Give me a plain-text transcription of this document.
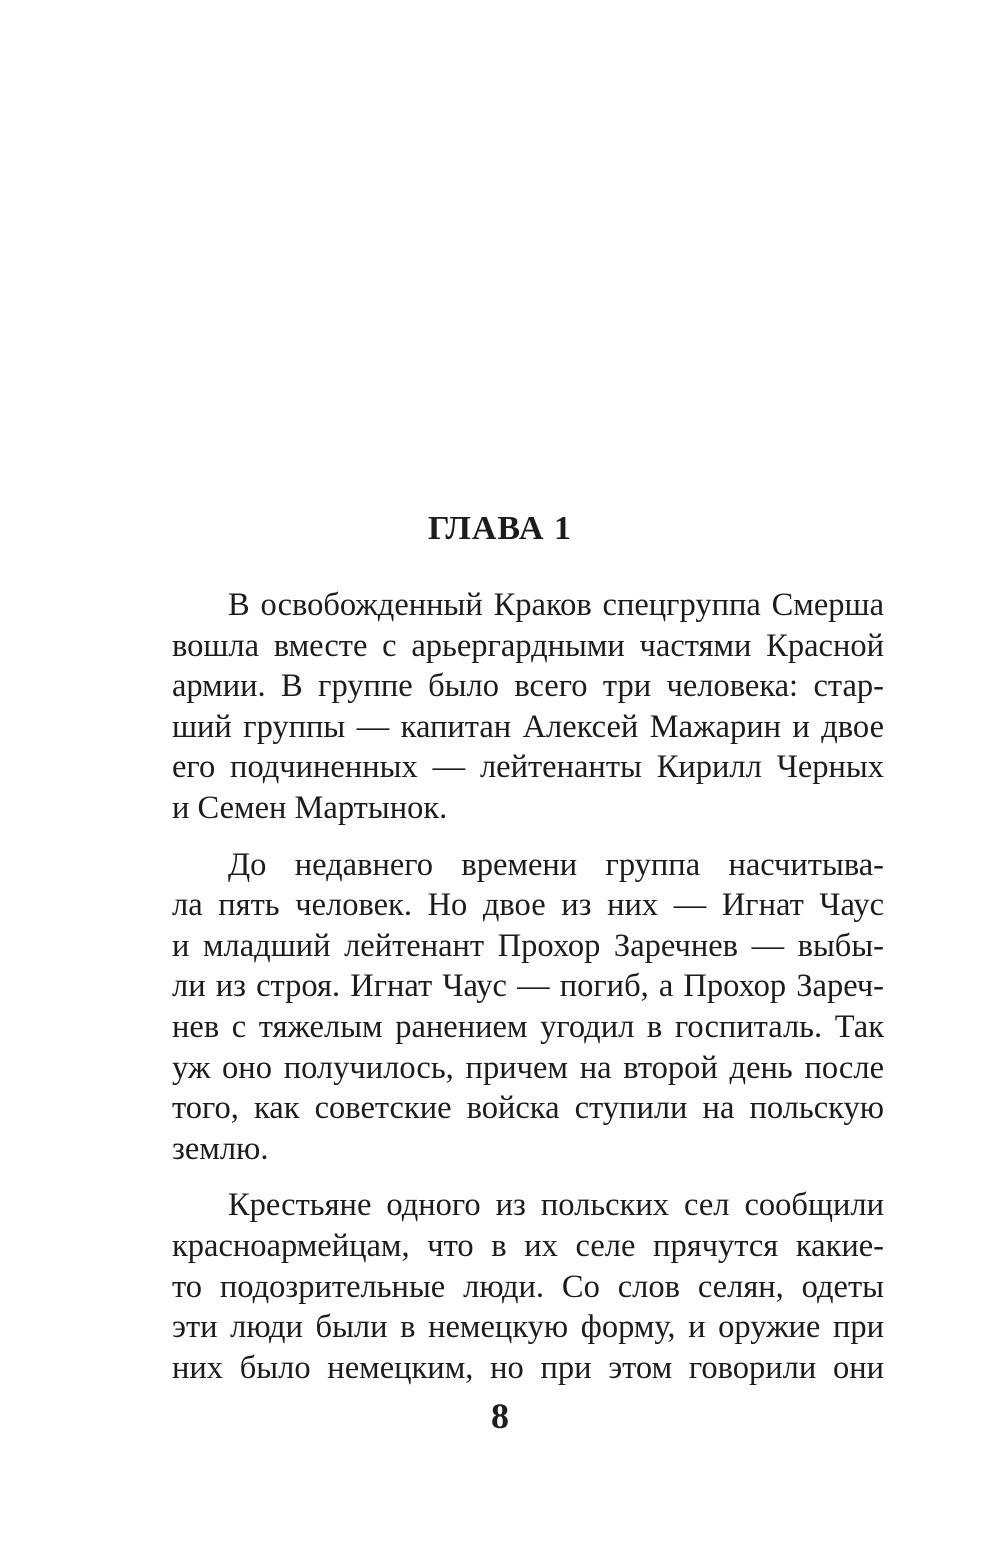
ГЛАВА 1
В освобожденный Краков спецгруппа Смерша
вошла вместе с арьергардными частями Красной
армии. В группе было всего три человека: стар-
ший группы — капитан Алексей Мажарин и двое
его подчиненных — лейтенанты Кирилл Черных
и Семен Мартынок.
До недавнего времени группа насчитыва-
ла пять человек. Но двое из них — Игнат Чаус
и младший лейтенант Прохор Заречнев — выбы-
ли из строя. Игнат Чаус — погиб, а Прохор Зареч-
нев с тяжелым ранением угодил в госпиталь. Так
уж оно получилось, причем на второй день после
того, как советские войска ступили на польскую
землю.
Крестьяне одного из польских сел сообщили
красноармейцам, что в их селе прячутся какие-
то подозрительные люди. Со слов селян, одеты
эти люди были в немецкую форму, и оружие при
них было немецким, но при этом говорили они
8
